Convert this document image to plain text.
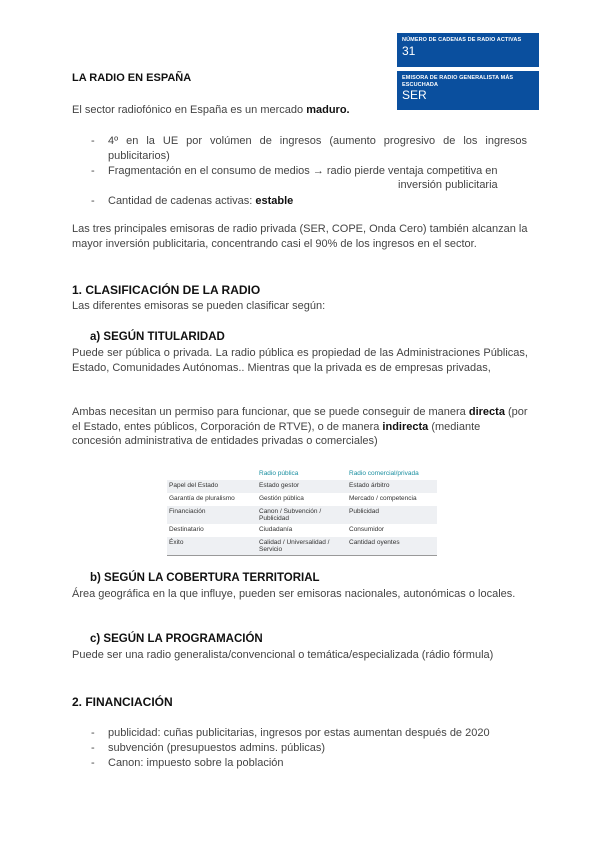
NÚMERO DE CADENAS DE RADIO ACTIVAS
31
EMISORA DE RADIO GENERALISTA MÁS ESCUCHADA
SER
LA RADIO EN ESPAÑA
El sector radiofónico en España es un mercado maduro.
- 4º en la UE por volúmen de ingresos (aumento progresivo de los ingresos publicitarios)
- Fragmentación en el consumo de medios → radio pierde ventaja competitiva en
inversión publicitaria
- Cantidad de cadenas activas: estable
Las tres principales emisoras de radio privada (SER, COPE, Onda Cero) también alcanzan la mayor inversión publicitaria, concentrando casi el 90% de los ingresos en el sector.
1. CLASIFICACIÓN DE LA RADIO
Las diferentes emisoras se pueden clasificar según:
a) SEGÚN TITULARIDAD
Puede ser pública o privada. La radio pública es propiedad de las Administraciones Públicas, Estado, Comunidades Autónomas.. Mientras que la privada es de empresas privadas,
Ambas necesitan un permiso para funcionar, que se puede conseguir de manera directa (por el Estado, entes públicos, Corporación de RTVE), o de manera indirecta (mediante concesión administrativa de entidades privadas o comerciales)
	Radio pública	Radio comercial/privada
Papel del Estado	Estado gestor	Estado árbitro
Garantía de pluralismo	Gestión pública	Mercado / competencia
Financiación	Canon / Subvención / Publicidad	Publicidad
Destinatario	Ciudadanía	Consumidor
Éxito	Calidad / Universalidad / Servicio	Cantidad oyentes
b) SEGÚN LA COBERTURA TERRITORIAL
Área geográfica en la que influye, pueden ser emisoras nacionales, autonómicas o locales.
c) SEGÚN LA PROGRAMACIÓN
Puede ser una radio generalista/convencional o temática/especializada (rádio fórmula)
2. FINANCIACIÓN
- publicidad: cuñas publicitarias, ingresos por estas aumentan después de 2020
- subvención (presupuestos admins. públicas)
- Canon: impuesto sobre la población
